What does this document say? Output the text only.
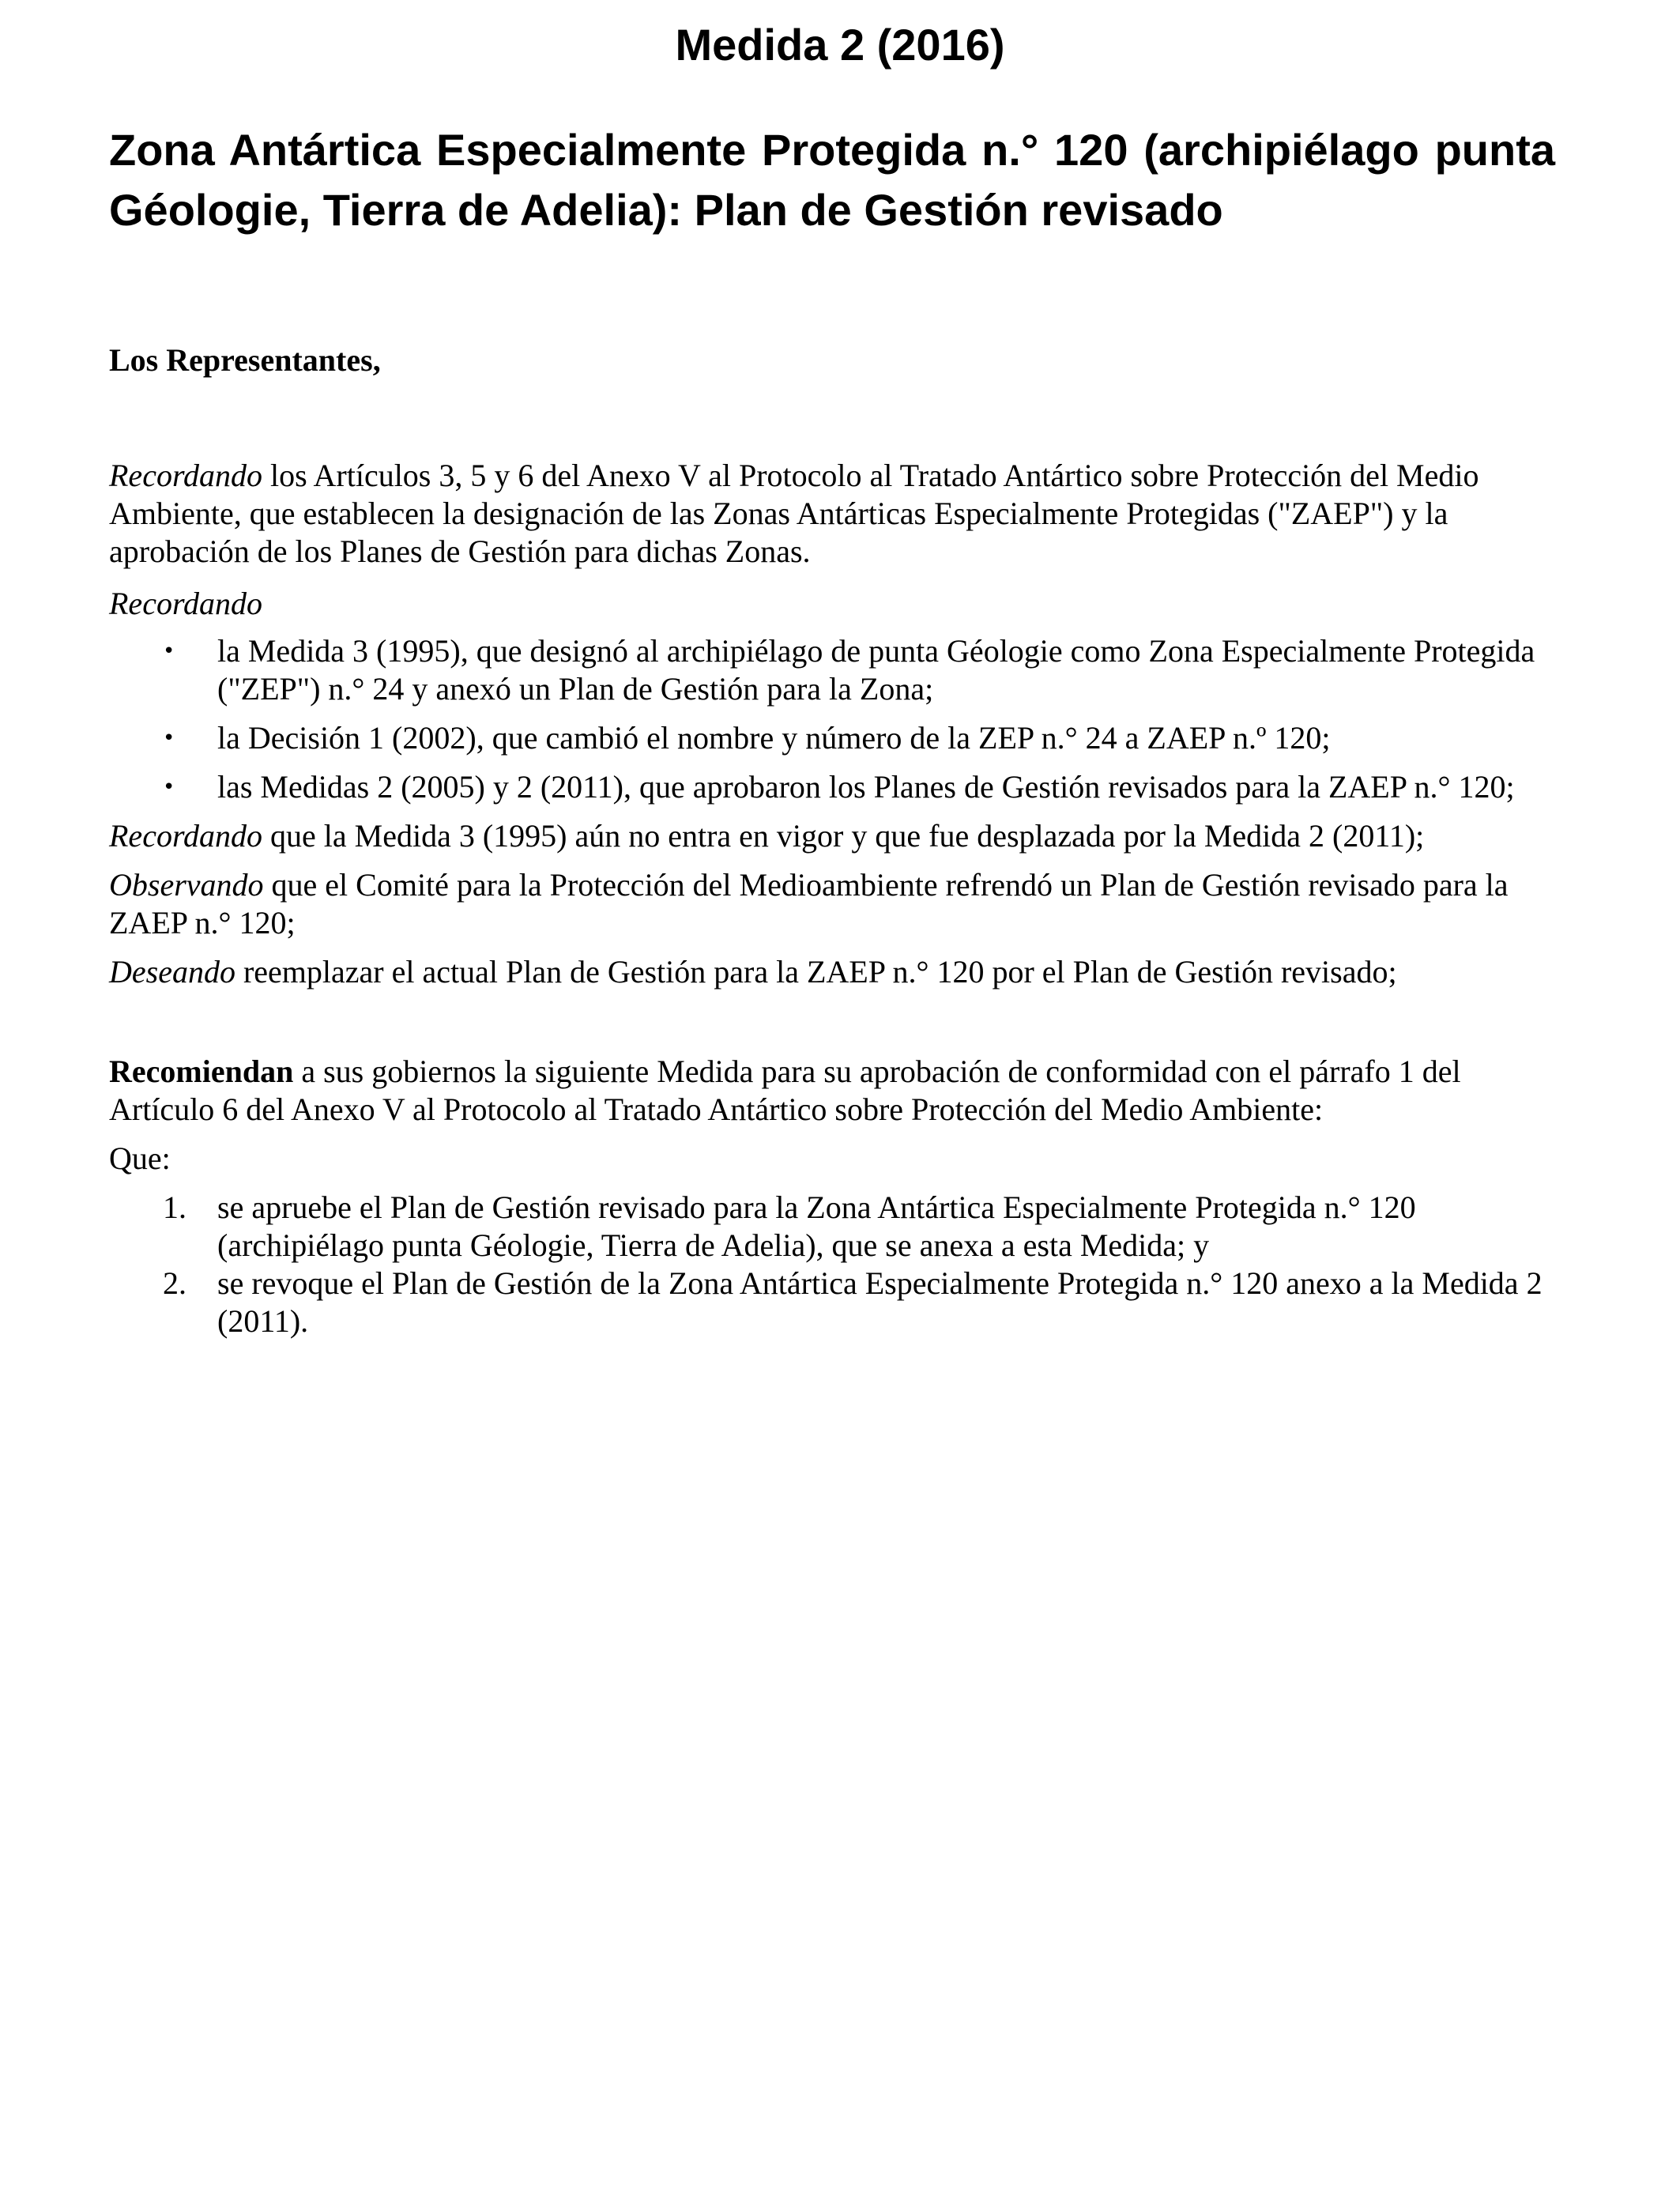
Medida 2 (2016)
Zona Antártica Especialmente Protegida n.° 120 (archipiélago punta Géologie, Tierra de Adelia): Plan de Gestión revisado

Los Representantes,

Recordando los Artículos 3, 5 y 6 del Anexo V al Protocolo al Tratado Antártico sobre Protección del Medio Ambiente, que establecen la designación de las Zonas Antárticas Especialmente Protegidas ("ZAEP") y la aprobación de los Planes de Gestión para dichas Zonas.

Recordando

• la Medida 3 (1995), que designó al archipiélago de punta Géologie como Zona Especialmente Protegida ("ZEP") n.° 24 y anexó un Plan de Gestión para la Zona;
• la Decisión 1 (2002), que cambió el nombre y número de la ZEP n.° 24 a ZAEP n.º 120;
• las Medidas 2 (2005) y 2 (2011), que aprobaron los Planes de Gestión revisados para la ZAEP n.° 120;

Recordando que la Medida 3 (1995) aún no entra en vigor y que fue desplazada por la Medida 2 (2011);

Observando que el Comité para la Protección del Medioambiente refrendó un Plan de Gestión revisado para la ZAEP n.° 120;

Deseando reemplazar el actual Plan de Gestión para la ZAEP n.° 120 por el Plan de Gestión revisado;

Recomiendan a sus gobiernos la siguiente Medida para su aprobación de conformidad con el párrafo 1 del Artículo 6 del Anexo V al Protocolo al Tratado Antártico sobre Protección del Medio Ambiente:

Que:

1. se apruebe el Plan de Gestión revisado para la Zona Antártica Especialmente Protegida n.° 120 (archipiélago punta Géologie, Tierra de Adelia), que se anexa a esta Medida; y
2. se revoque el Plan de Gestión de la Zona Antártica Especialmente Protegida n.° 120 anexo a la Medida 2 (2011).
